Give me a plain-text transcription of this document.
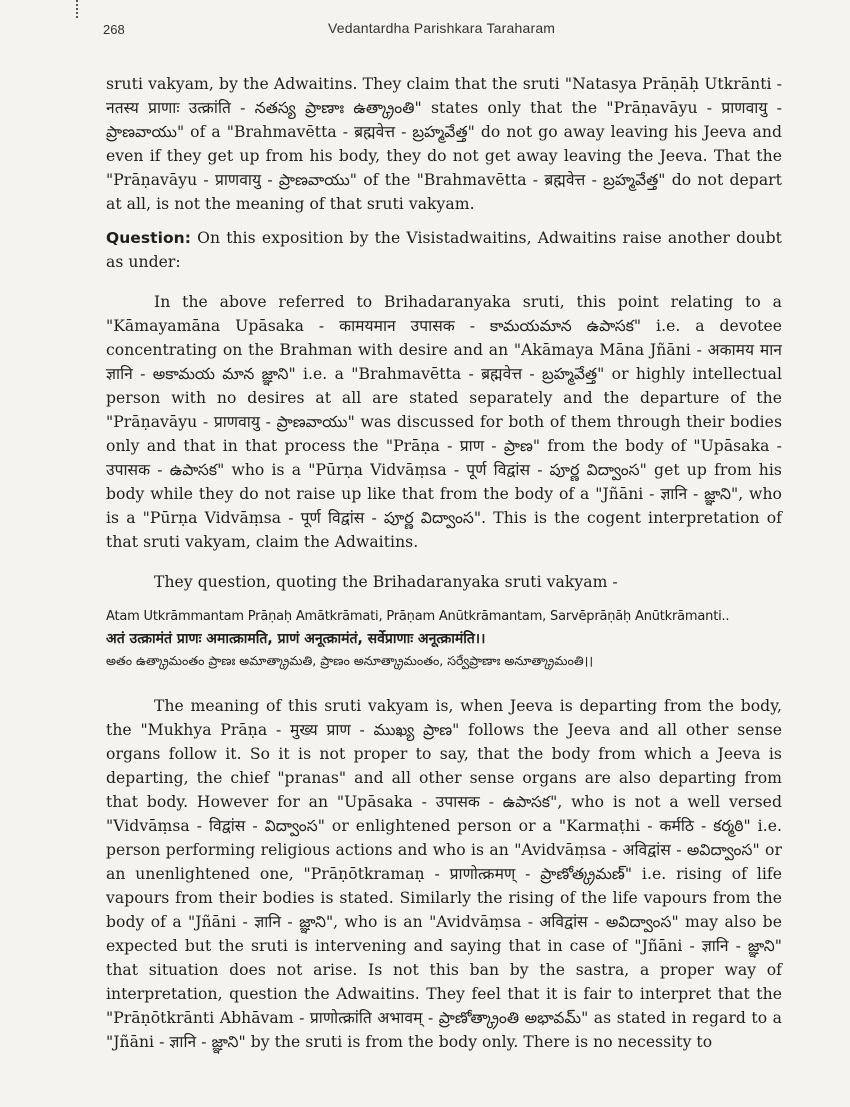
268	Vedantardha Parishkara Taraharam

sruti vakyam, by the Adwaitins. They claim that the sruti "Natasya Prāṇāḥ Utkrānti - नतस्य प्राणाः उत्क्रांति - నతస్య ప్రాణాః ఉత్క్రాంతి" states only that the "Prāṇavāyu - प्राणवायु - ప్రాణవాయు" of a "Brahmavētta - ब्रह्मवेत्त - బ్రహ్మవేత్త" do not go away leaving his Jeeva and even if they get up from his body, they do not get away leaving the Jeeva. That the "Prāṇavāyu - प्राणवायु - ప్రాణవాయు" of the "Brahmavētta - ब्रह्मवेत्त - బ్రహ్మవేత్త" do not depart at all, is not the meaning of that sruti vakyam.

Question: On this exposition by the Visistadwaitins, Adwaitins raise another doubt as under:

In the above referred to Brihadaranyaka sruti, this point relating to a "Kāmayamāna Upāsaka - कामयमान उपासक - కామయమాన ఉపాసక" i.e. a devotee concentrating on the Brahman with desire and an "Akāmaya Māna Jñāni - अकामय मान ज्ञानि - అకామయ మాన జ్ఞాని" i.e. a "Brahmavētta - ब्रह्मवेत्त - బ్రహ్మవేత్త" or highly intellectual person with no desires at all are stated separately and the departure of the "Prāṇavāyu - प्राणवायु - ప్రాణవాయు" was discussed for both of them through their bodies only and that in that process the "Prāṇa - प्राण - ప్రాణ" from the body of "Upāsaka - उपासक - ఉపాసక" who is a "Pūrṇa Vidvāṃsa - पूर्ण विद्वांस - పూర్ణ విద్వాంస" get up from his body while they do not raise up like that from the body of a "Jñāni - ज्ञानि - జ్ఞాని", who is a "Pūrṇa Vidvāṃsa - पूर्ण विद्वांस - పూర్ణ విద్వాంస". This is the cogent interpretation of that sruti vakyam, claim the Adwaitins.

They question, quoting the Brihadaranyaka sruti vakyam -

Atam Utkrāmmantam Prāṇaḥ Amātkrāmati, Prāṇam Anūtkrāmantam, Sarvēprāṇāḥ Anūtkrāmanti..
अतं उत्क्रामंतं प्राणः अमात्क्रामति, प्राणं अनूत्क्रामंतं, सर्वेप्राणाः अनूत्क्रामंति।।
అతం ఉత్క్రామంతం ప్రాణః అమాత్క్రామతి, ప్రాణం అనూత్క్రామంతం, సర్వేప్రాణాః అనూత్క్రామంతి।।

The meaning of this sruti vakyam is, when Jeeva is departing from the body, the "Mukhya Prāṇa - मुख्य प्राण - ముఖ్య ప్రాణ" follows the Jeeva and all other sense organs follow it. So it is not proper to say, that the body from which a Jeeva is departing, the chief "pranas" and all other sense organs are also departing from that body. However for an "Upāsaka - उपासक - ఉపాసక", who is not a well versed "Vidvāṃsa - विद्वांस - విద్వాంస" or enlightened person or a "Karmaṭhi - कर्मठि - కర్మఠి" i.e. person performing religious actions and who is an "Avidvāṃsa - अविद्वांस - అవిద్వాంస" or an unenlightened one, "Prāṇōtkramaṇ - प्राणोत्क्रमण् - ప్రాణోత్క్రమణ్" i.e. rising of life vapours from their bodies is stated. Similarly the rising of the life vapours from the body of a "Jñāni - ज्ञानि - జ్ఞాని", who is an "Avidvāṃsa - अविद्वांस - అవిద్వాంస" may also be expected but the sruti is intervening and saying that in case of "Jñāni - ज्ञानि - జ్ఞాని" that situation does not arise. Is not this ban by the sastra, a proper way of interpretation, question the Adwaitins. They feel that it is fair to interpret that the "Prāṇōtkrānti Abhāvam - प्राणोत्क्रांति अभावम् - ప్రాణోత్క్రాంతి అభావమ్" as stated in regard to a "Jñāni - ज्ञानि - జ్ఞాని" by the sruti is from the body only. There is no necessity to
